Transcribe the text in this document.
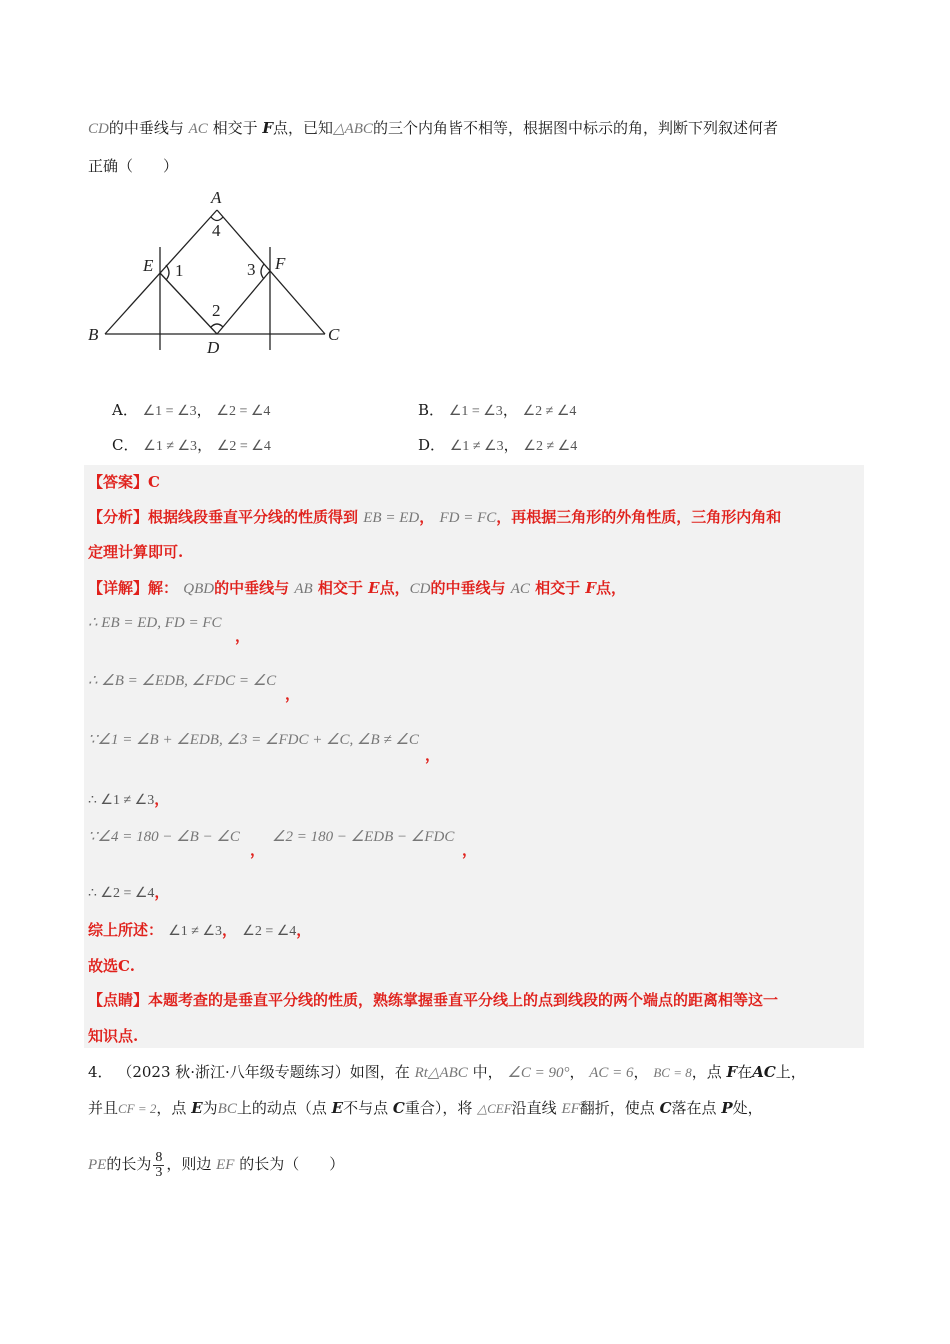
CD的中垂线与 AC 相交于 F点，已知△ABC的三个内角皆不相等，根据图中标示的角，判断下列叙述何者
正确（　　）
A
B	C
D
E	F
1
2
3
4
A． ∠1 = ∠3， ∠2 = ∠4	B． ∠1 = ∠3， ∠2 ≠ ∠4
C． ∠1 ≠ ∠3， ∠2 = ∠4	D． ∠1 ≠ ∠3， ∠2 ≠ ∠4
【答案】C
【分析】根据线段垂直平分线的性质得到 EB = ED， FD = FC，再根据三角形的外角性质，三角形内角和
定理计算即可.
【详解】解： QBD的中垂线与 AB 相交于 E点，CD的中垂线与 AC 相交于 F点，
∴ EB = ED, FD = FC
，
∴ ∠B = ∠EDB, ∠FDC = ∠C
，
∵∠1 = ∠B + ∠EDB, ∠3 = ∠FDC + ∠C, ∠B ≠ ∠C
，
∴ ∠1 ≠ ∠3，
∵∠4 = 180 − ∠B − ∠C
，
∠2 = 180 − ∠EDB − ∠FDC
，
∴ ∠2 = ∠4，
综上所述： ∠1 ≠ ∠3， ∠2 = ∠4，
故选C.
【点睛】本题考查的是垂直平分线的性质，熟练掌握垂直平分线上的点到线段的两个端点的距离相等这一
知识点.
4． （2023 秋·浙江·八年级专题练习）如图，在 Rt△ABC 中， ∠C = 90°， AC = 6， BC = 8，点 F在AC上，
并且CF = 2，点 E为BC上的动点（点 E不与点 C重合），将 △CEF沿直线 EF翻折，使点 C落在点 P处，
PE的长为 $\frac{8}{3}$ ，则边 EF 的长为（　　）
